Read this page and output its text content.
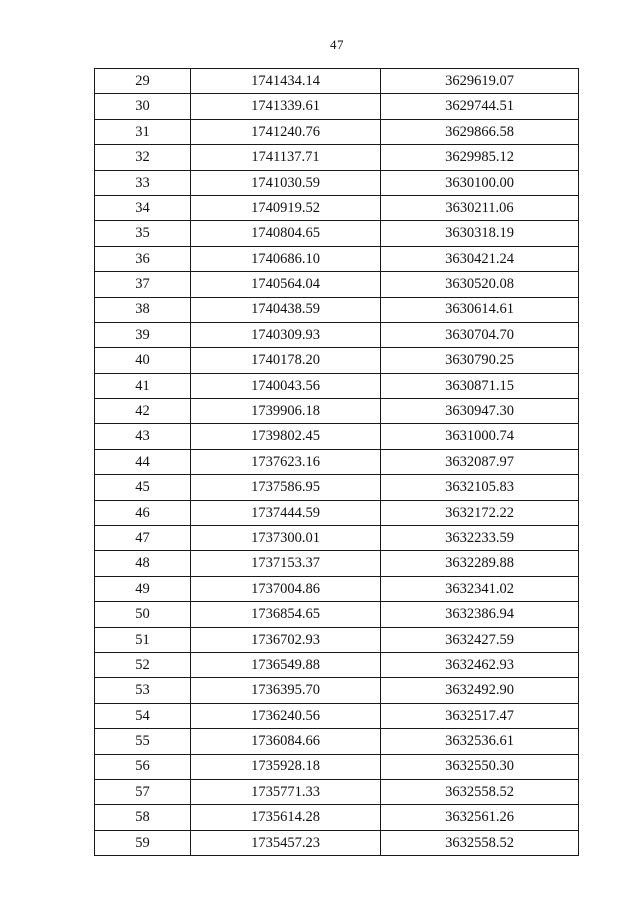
47
29	1741434.14	3629619.07
30	1741339.61	3629744.51
31	1741240.76	3629866.58
32	1741137.71	3629985.12
33	1741030.59	3630100.00
34	1740919.52	3630211.06
35	1740804.65	3630318.19
36	1740686.10	3630421.24
37	1740564.04	3630520.08
38	1740438.59	3630614.61
39	1740309.93	3630704.70
40	1740178.20	3630790.25
41	1740043.56	3630871.15
42	1739906.18	3630947.30
43	1739802.45	3631000.74
44	1737623.16	3632087.97
45	1737586.95	3632105.83
46	1737444.59	3632172.22
47	1737300.01	3632233.59
48	1737153.37	3632289.88
49	1737004.86	3632341.02
50	1736854.65	3632386.94
51	1736702.93	3632427.59
52	1736549.88	3632462.93
53	1736395.70	3632492.90
54	1736240.56	3632517.47
55	1736084.66	3632536.61
56	1735928.18	3632550.30
57	1735771.33	3632558.52
58	1735614.28	3632561.26
59	1735457.23	3632558.52
